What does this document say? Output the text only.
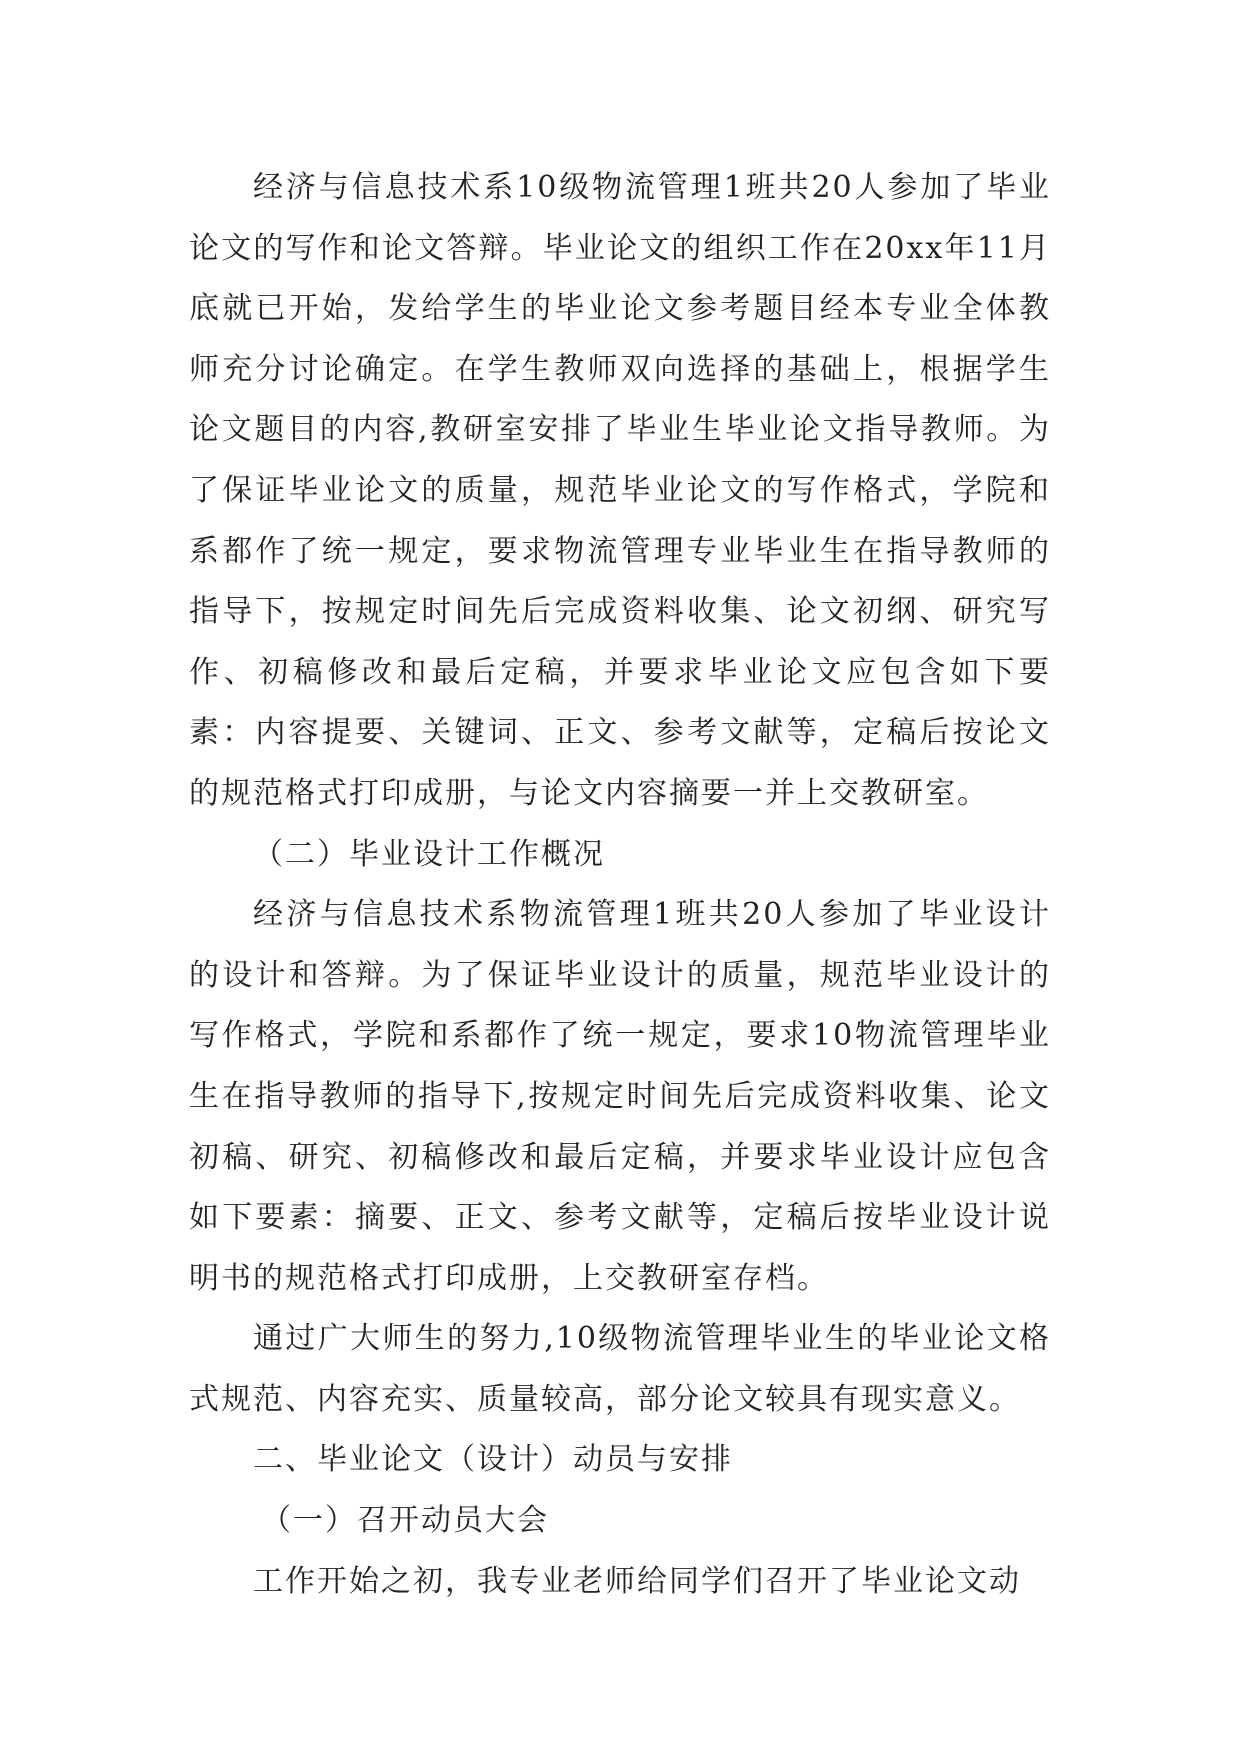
经济与信息技术系10级物流管理1班共20人参加了毕业论文的写作和论文答辩。毕业论文的组织工作在20xx年11月底就已开始，发给学生的毕业论文参考题目经本专业全体教师充分讨论确定。在学生教师双向选择的基础上，根据学生论文题目的内容,教研室安排了毕业生毕业论文指导教师。为了保证毕业论文的质量，规范毕业论文的写作格式，学院和系都作了统一规定，要求物流管理专业毕业生在指导教师的指导下，按规定时间先后完成资料收集、论文初纲、研究写作、初稿修改和最后定稿，并要求毕业论文应包含如下要素：内容提要、关键词、正文、参考文献等，定稿后按论文的规范格式打印成册，与论文内容摘要一并上交教研室。

（二）毕业设计工作概况

经济与信息技术系物流管理1班共20人参加了毕业设计的设计和答辩。为了保证毕业设计的质量，规范毕业设计的写作格式，学院和系都作了统一规定，要求10物流管理毕业生在指导教师的指导下,按规定时间先后完成资料收集、论文初稿、研究、初稿修改和最后定稿，并要求毕业设计应包含如下要素：摘要、正文、参考文献等，定稿后按毕业设计说明书的规范格式打印成册，上交教研室存档。

通过广大师生的努力,10级物流管理毕业生的毕业论文格式规范、内容充实、质量较高，部分论文较具有现实意义。

二、毕业论文（设计）动员与安排

（一）召开动员大会

工作开始之初，我专业老师给同学们召开了毕业论文动
